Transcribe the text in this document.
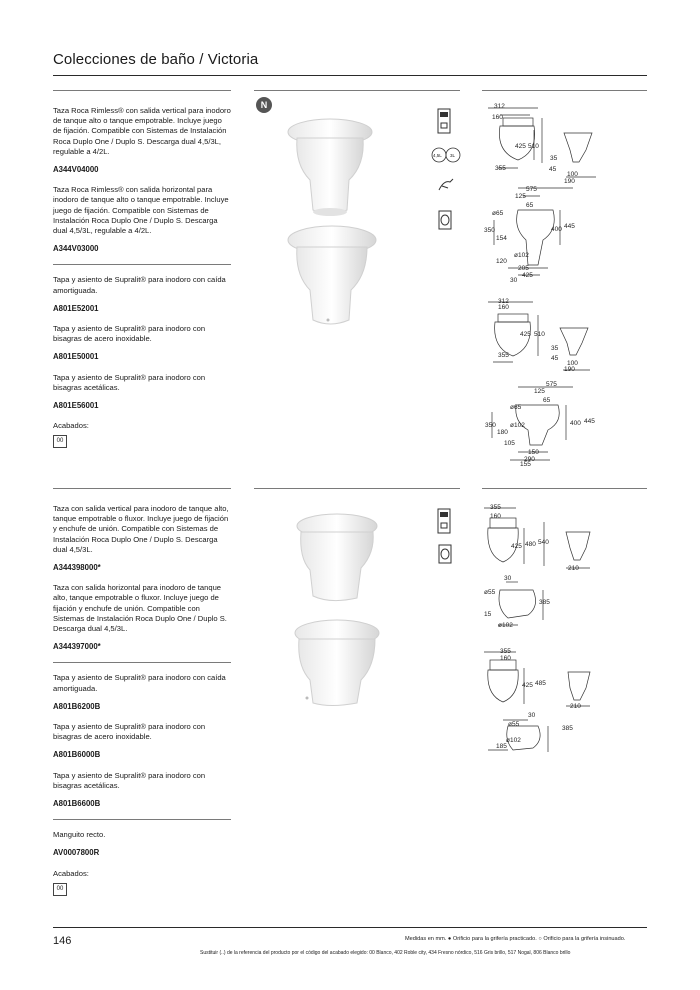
Colecciones de baño / Victoria

Taza Roca Rimless® con salida vertical para inodoro de tanque alto o tanque empotrable. Incluye juego de fijación. Compatible con Sistemas de Instalación Roca Duplo One / Duplo S. Descarga dual 4,5/3L, regulable a 4/2L.

A344V04000

Taza Roca Rimless® con salida horizontal para inodoro de tanque alto o tanque empotrable. Incluye juego de fijación. Compatible con Sistemas de Instalación Roca Duplo One / Duplo S. Descarga dual 4,5/3L, regulable a 4/2L.

A344V03000

Tapa y asiento de Supralit® para inodoro con caída amortiguada.

A801E52001

Tapa y asiento de Supralit® para inodoro con bisagras de acero inoxidable.

A801E50001

Tapa y asiento de Supralit® para inodoro con bisagras acetálicas.

A801E56001

Acabados:

00
N
4,5L 3L
312
160
425 510
355
35
45
100
190
575
125
65
ø65
350
154
400 445
ø102
120
205
425
30
312
160
425 510
355
35
45
100
190
575
125
65
ø65
350
180
ø102	400 445
105
150
290
155

Taza con salida vertical para inodoro de tanque alto, tanque empotrable o fluxor. Incluye juego de fijación y enchufe de unión. Compatible con Sistemas de Instalación Roca Duplo One / Duplo S. Descarga dual 4,5/3L.

A344398000*

Taza con salida horizontal para inodoro de tanque alto, tanque empotrable o fluxor. Incluye juego de fijación y enchufe de unión. Compatible con Sistemas de Instalación Roca Duplo One / Duplo S. Descarga dual 4,5/3L.

A344397000*

Tapa y asiento de Supralit® para inodoro con caída amortiguada.

A801B6200B

Tapa y asiento de Supralit® para inodoro con bisagras de acero inoxidable.

A801B6000B

Tapa y asiento de Supralit® para inodoro con bisagras acetálicas.

A801B6600B

Manguito recto.

AV0007800R

Acabados:

00
355
160
425 480 540
210
30
ø55
385
15
ø102
355
160
425 485
210
30
ø55
ø102
385
185
146	Medidas en mm. ● Orificio para la grifería practicado. ○ Orificio para la grifería insinuado.
Sustituir (..) de la referencia del producto por el código del acabado elegido: 00 Blanco, 402 Roble city, 434 Fresno nórdico, 516 Gris brillo, 517 Nogal, 806 Blanco brillo
